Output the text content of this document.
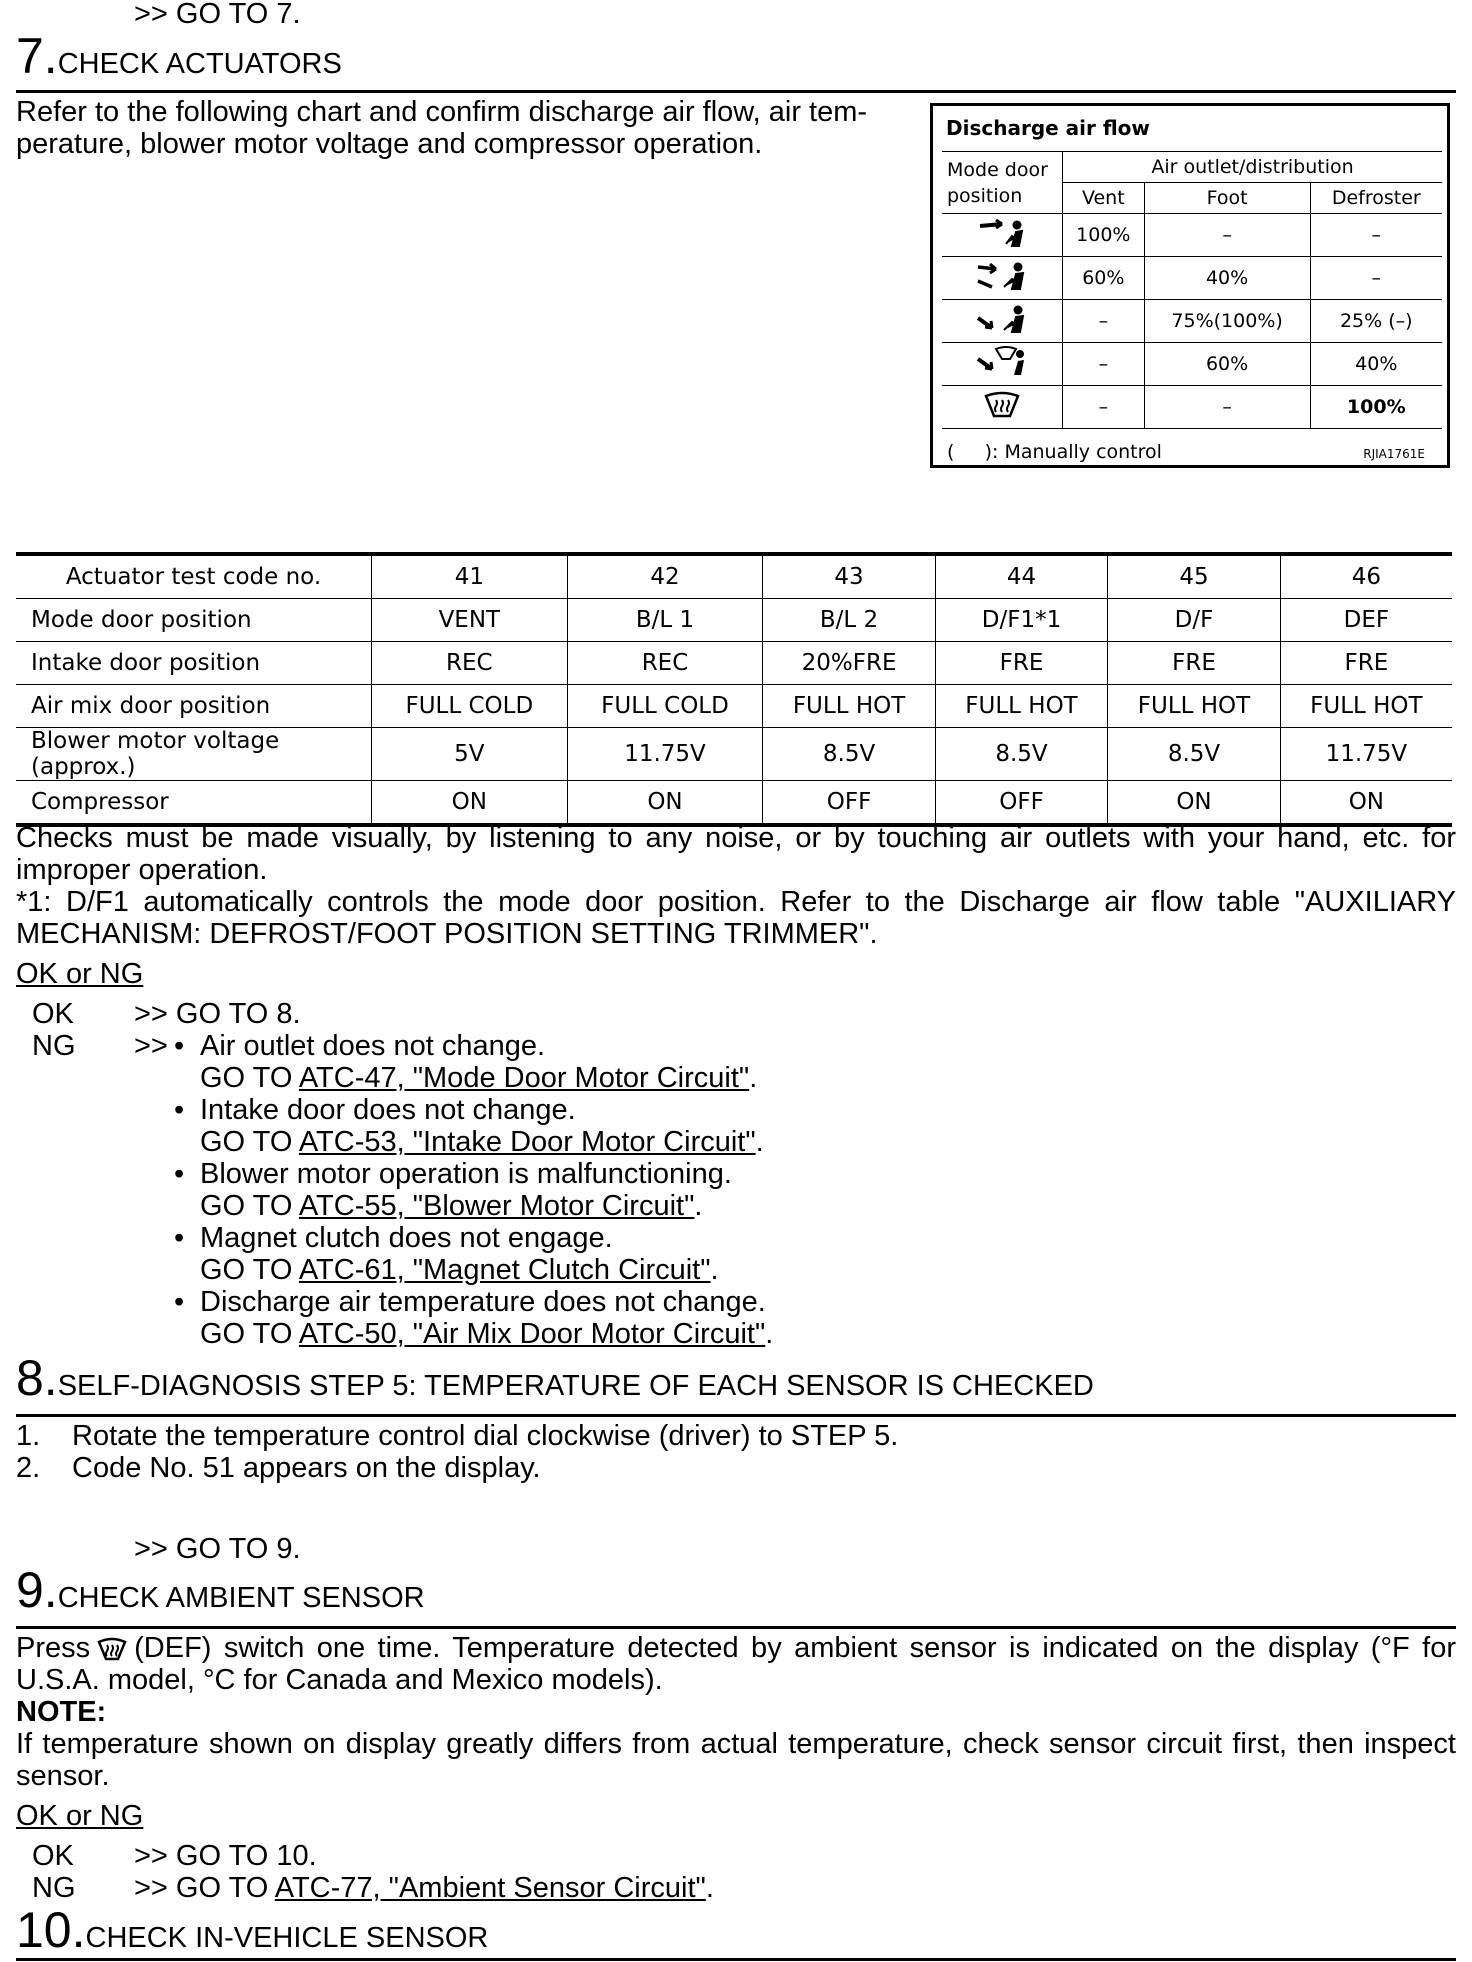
>> GO TO 7.
7.CHECK ACTUATORS
Refer to the following chart and confirm discharge air flow, air tem-
perature, blower motor voltage and compressor operation.	Discharge air flow
Mode door
position	Air outlet/distribution		
	Vent	Foot	Defroster
	100%	–	–
	60%	40%	–
	–	75%(100%)	25% (–)
	–	60%	40%
	–	–	100%
(     ): Manually control	RJIA1761E
Actuator test code no.	41	42	43	44	45	46
Mode door position	VENT	B/L 1	B/L 2	D/F1*1	D/F	DEF
Intake door position	REC	REC	20%FRE	FRE	FRE	FRE
Air mix door position	FULL COLD	FULL COLD	FULL HOT	FULL HOT	FULL HOT	FULL HOT
Blower motor voltage (approx.)	5V	11.75V	8.5V	8.5V	8.5V	11.75V
Compressor	ON	ON	OFF	OFF	ON	ON
Checks must be made visually, by listening to any noise, or by touching air outlets with your hand, etc. for
improper operation.
*1: D/F1 automatically controls the mode door position. Refer to the Discharge air flow table "AUXILIARY
MECHANISM: DEFROST/FOOT POSITION SETTING TRIMMER".
OK or NG
OK >> GO TO 8.
NG >> • Air outlet does not change.
GO TO ATC-47, "Mode Door Motor Circuit".
• Intake door does not change.
GO TO ATC-53, "Intake Door Motor Circuit".
• Blower motor operation is malfunctioning.
GO TO ATC-55, "Blower Motor Circuit".
• Magnet clutch does not engage.
GO TO ATC-61, "Magnet Clutch Circuit".
• Discharge air temperature does not change.
GO TO ATC-50, "Air Mix Door Motor Circuit".
8.SELF-DIAGNOSIS STEP 5: TEMPERATURE OF EACH SENSOR IS CHECKED
1. Rotate the temperature control dial clockwise (driver) to STEP 5.
2. Code No. 51 appears on the display.
>> GO TO 9.
9.CHECK AMBIENT SENSOR
Press (DEF) switch one time. Temperature detected by ambient sensor is indicated on the display (°F for
U.S.A. model, °C for Canada and Mexico models).
NOTE:
If temperature shown on display greatly differs from actual temperature, check sensor circuit first, then inspect
sensor.
OK or NG
OK >> GO TO 10.
NG >> GO TO ATC-77, "Ambient Sensor Circuit".
10.CHECK IN-VEHICLE SENSOR
